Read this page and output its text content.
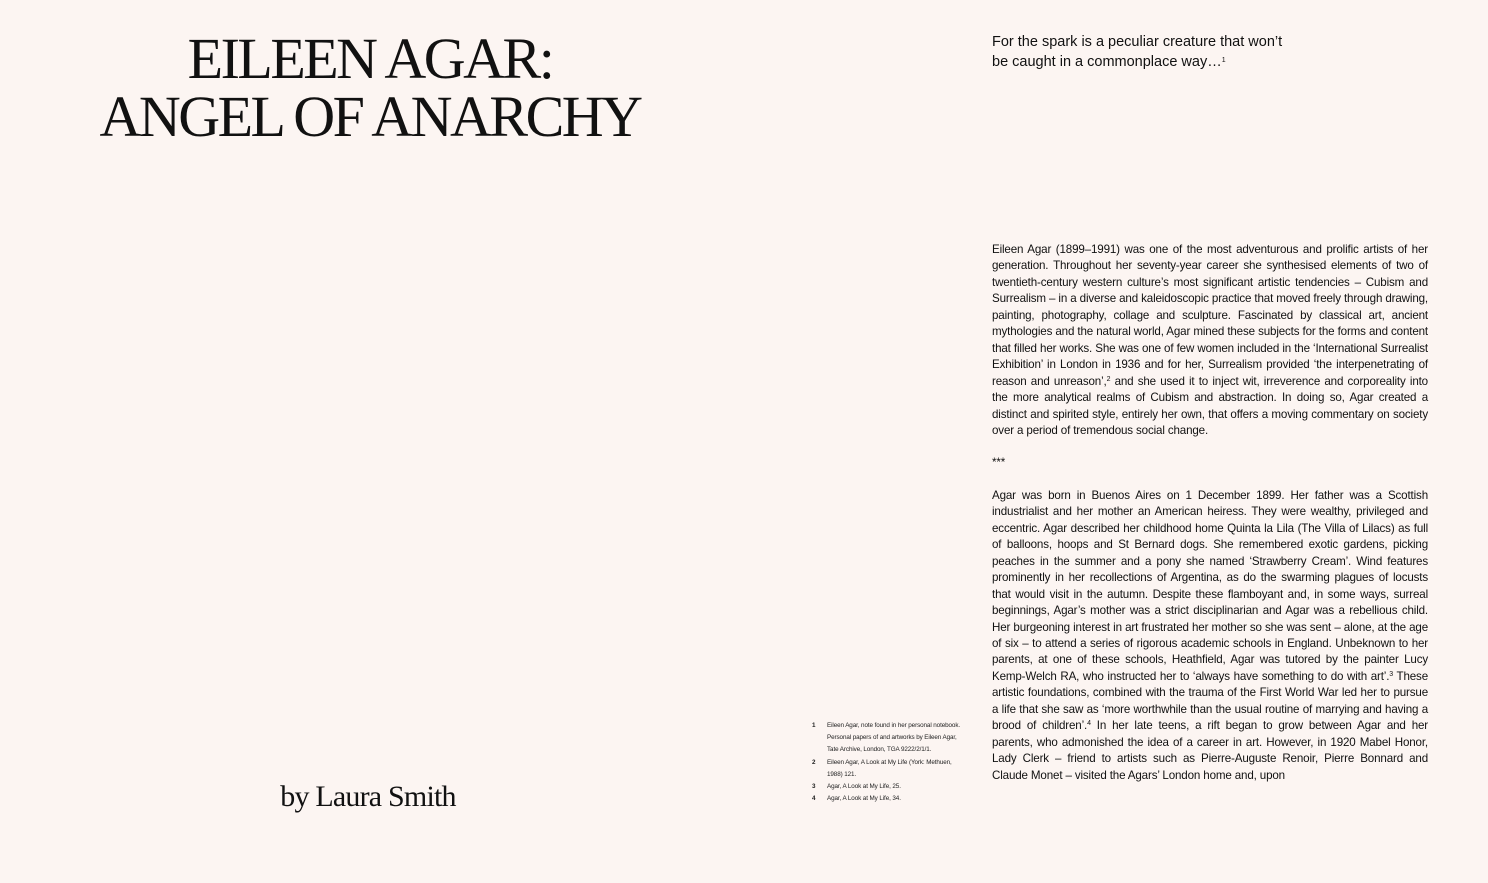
EILEEN AGAR:
ANGEL OF ANARCHY
by Laura Smith
For the spark is a peculiar creature that won’t
be caught in a commonplace way…$^1$

Eileen Agar (1899–1991) was one of the most adventurous and prolific artists of her generation. Throughout her seventy-year career she synthesised elements of two of twentieth-century western culture’s most significant artistic tendencies – Cubism and Surrealism – in a diverse and kaleidoscopic practice that moved freely through drawing, painting, photography, collage and sculpture. Fascinated by classical art, ancient mythologies and the natural world, Agar mined these subjects for the forms and content that filled her works. She was one of few women included in the ‘International Surrealist Exhibition’ in London in 1936 and for her, Surrealism provided ‘the interpenetrating of reason and unreason’,$^2$ and she used it to inject wit, irreverence and corporeality into the more analytical realms of Cubism and abstraction. In doing so, Agar created a distinct and spirited style, entirely her own, that offers a moving commentary on society over a period of tremendous social change.

***

Agar was born in Buenos Aires on 1 December 1899. Her father was a Scottish industrialist and her mother an American heiress. They were wealthy, privileged and eccentric. Agar described her childhood home Quinta la Lila (The Villa of Lilacs) as full of balloons, hoops and St Bernard dogs. She remembered exotic gardens, picking peaches in the summer and a pony she named ‘Strawberry Cream’. Wind features prominently in her recollections of Argentina, as do the swarming plagues of locusts that would visit in the autumn. Despite these flamboyant and, in some ways, surreal beginnings, Agar’s mother was a strict disciplinarian and Agar was a rebellious child. Her burgeoning interest in art frustrated her mother so she was sent – alone, at the age of six – to attend a series of rigorous academic schools in England. Unbeknown to her parents, at one of these schools, Heathfield, Agar was tutored by the painter Lucy Kemp-Welch RA, who instructed her to ‘always have something to do with art’.$^3$ These artistic foundations, combined with the trauma of the First World War led her to pursue a life that she saw as ‘more worthwhile than the usual routine of marrying and having a brood of children’.$^4$ In her late teens, a rift began to grow between Agar and her parents, who admonished the idea of a career in art. However, in 1920 Mabel Honor, Lady Clerk – friend to artists such as Pierre-Auguste Renoir, Pierre Bonnard and Claude Monet – visited the Agars’ London home and, upon

1	Eileen Agar, note found in her personal notebook. Personal papers of and artworks by Eileen Agar, Tate Archive, London, TGA 9222/2/1/1.
2	Eileen Agar, A Look at My Life (York: Methuen, 1988) 121.
3	Agar, A Look at My Life, 25.
4	Agar, A Look at My Life, 34.
